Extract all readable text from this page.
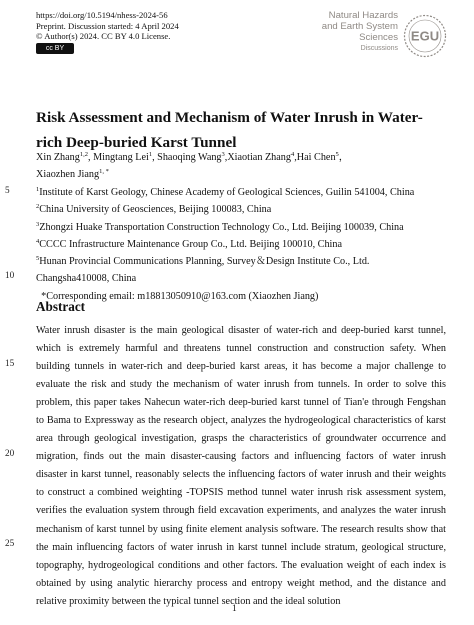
https://doi.org/10.5194/nhess-2024-56
Preprint. Discussion started: 4 April 2024
© Author(s) 2024. CC BY 4.0 License.
cc BY
Natural Hazards
and Earth System
Sciences
Discussions
EGU
Risk Assessment and Mechanism of Water Inrush in Water-rich Deep-buried Karst Tunnel
Xin Zhang$^{1,2}$, Mingtang Lei$^1$, Shaoqing Wang$^3$,Xiaotian Zhang$^4$,Hai Chen$^5$，
Xiaozhen Jiang$^{1, *}$
$^1$Institute of Karst Geology, Chinese Academy of Geological Sciences, Guilin 541004, China
$^2$China University of Geosciences, Beijing 100083, China
$^3$Zhongzi Huake Transportation Construction Technology Co., Ltd. Beijing 100039, China
$^4$CCCC Infrastructure Maintenance Group Co., Ltd. Beijing 100010, China
$^5$Hunan Provincial Communications Planning, Survey＆Design Institute Co., Ltd.
Changsha410008, China
*Corresponding email: m18813050910@163.com (Xiaozhen Jiang)
Abstract
Water inrush disaster is the main geological disaster of water-rich and deep-buried karst tunnel, which is extremely harmful and threatens tunnel construction and construction safety. When building tunnels in water-rich and deep-buried karst areas, it has become a major challenge to evaluate the risk and study the mechanism of water inrush from tunnels. In order to solve this problem, this paper takes Nahecun water-rich deep-buried karst tunnel of Tian'e through Fengshan to Bama to Expressway as the research object, analyzes the hydrogeological characteristics of karst area through geological investigation, grasps the characteristics of groundwater occurrence and migration, finds out the main disaster-causing factors and influencing factors of water inrush disaster in karst tunnel, reasonably selects the influencing factors of water inrush and their weights to construct a combined weighting -TOPSIS method tunnel water inrush risk assessment system, verifies the evaluation system through field excavation experiments, and analyzes the water inrush mechanism of karst tunnel by using finite element analysis software. The research results show that the main influencing factors of water inrush in karst tunnel include stratum, geological structure, topography, hydrogeological conditions and other factors. The evaluation weight of each index is obtained by using analytic hierarchy process and entropy weight method, and the distance and relative proximity between the typical tunnel section and the ideal solution
5
10
15
20
25
1
